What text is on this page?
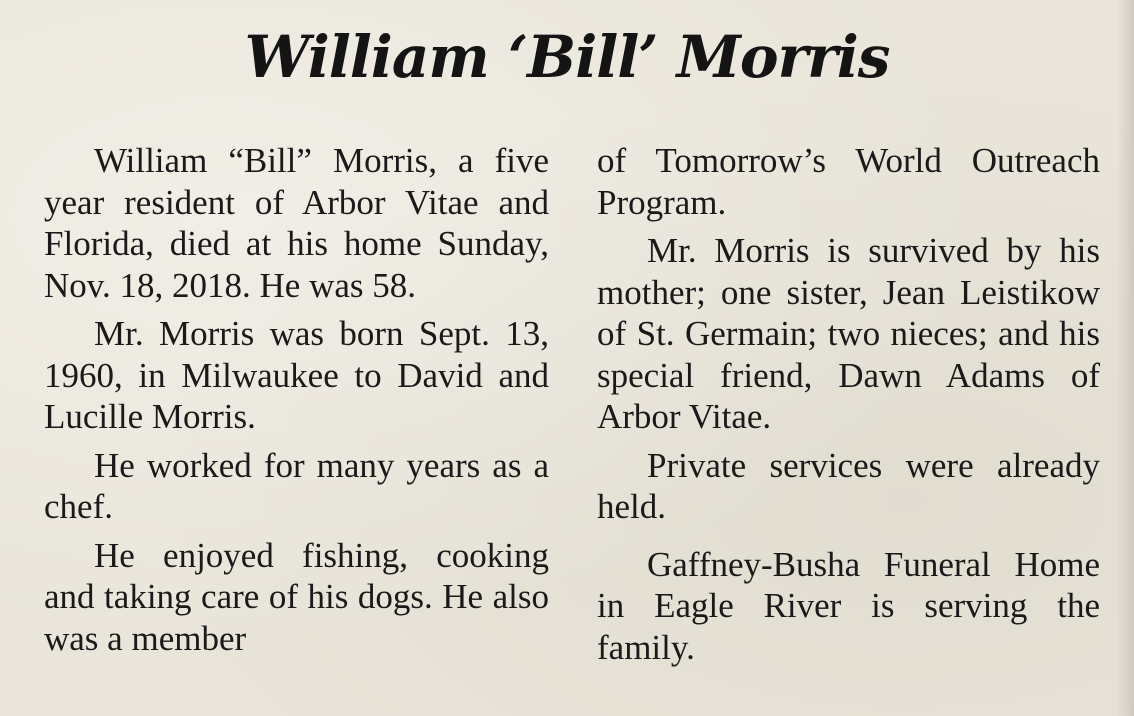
William ‘Bill’ Morris

William “Bill” Morris, a five year resident of Arbor Vitae and Florida, died at his home Sunday, Nov. 18, 2018. He was 58.

Mr. Morris was born Sept. 13, 1960, in Milwaukee to David and Lucille Morris.

He worked for many years as a chef.

He enjoyed fishing, cooking and taking care of his dogs. He also was a member

of Tomorrow’s World Outreach Program.

Mr. Morris is survived by his mother; one sister, Jean Leistikow of St. Germain; two nieces; and his special friend, Dawn Adams of Arbor Vitae.

Private services were already held.

Gaffney-Busha Funeral Home in Eagle River is serving the family.
